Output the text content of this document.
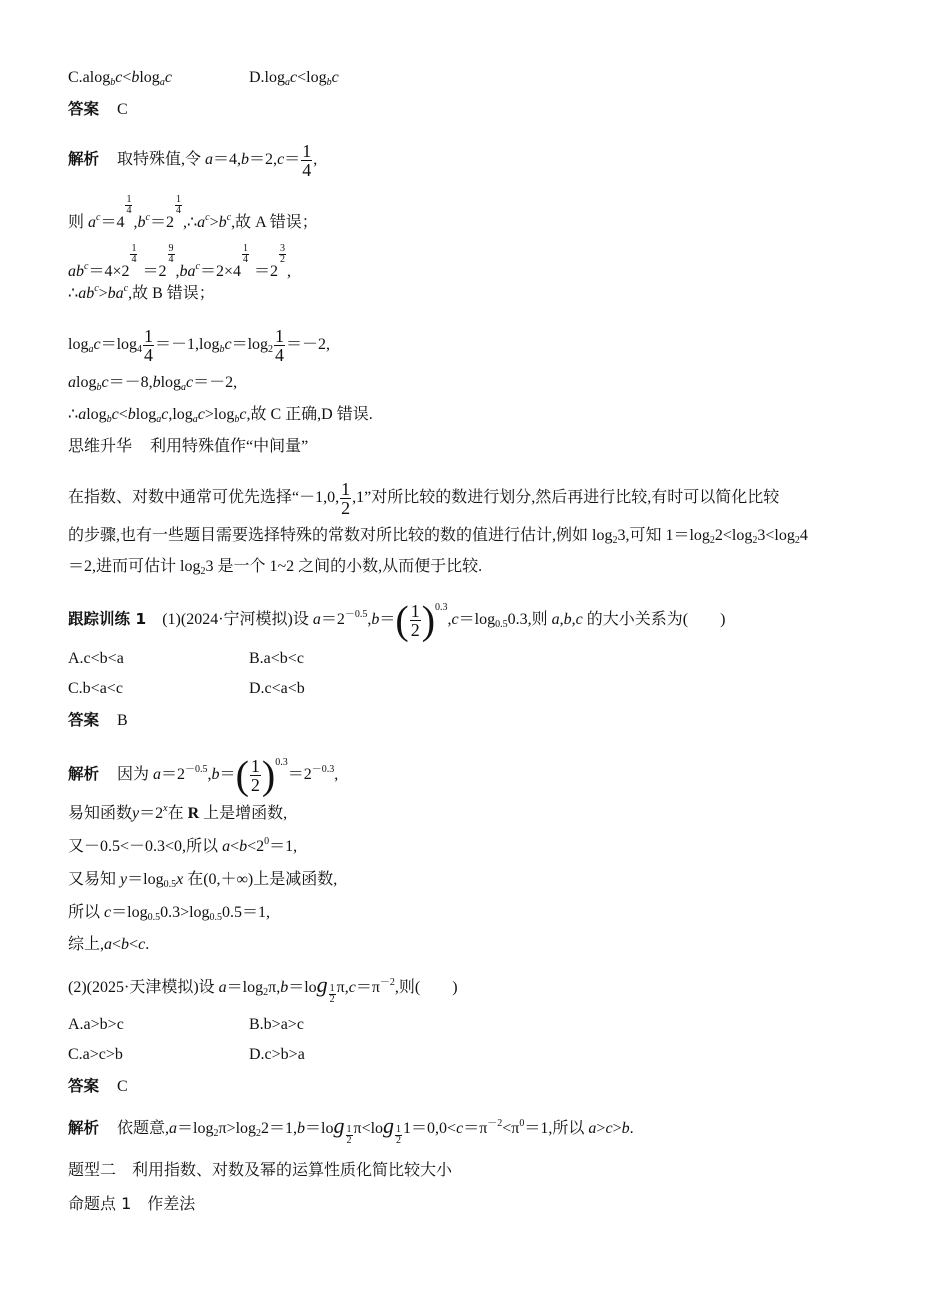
C.alog$_b$c<blog$_a$c	$D.\log_ac<\log_bc$
答案 C
解析 取特殊值,令 $a=4,b=2,c= \frac{1}{4}$ ,
则 $a^c=4$
$\frac{1}{4}$
$,b^c=2$
$\frac{1}{4}$
$,\therefore a^c>b^c$,故 A 错误；
$ab^c=4\times 2$
$\frac{1}{4}$
＝2
$\frac{9}{4}$
$,ba^c=2\times 4$
$\frac{1}{4}$
＝2
$\frac{3}{2}$
,
$\therefore ab^c>ba^c$,故 B 错误；
$\log_ac=\log_4 \frac{1}{4} =-1,\log_bc=\log_2 \frac{1}{4} =-2$,
alog$_b$c＝－8,blog$_a$c＝－2,
$\therefore alog_bc<blog_ac,\log_ac>\log_bc$,故 C 正确,D 错误.
思维升华 利用特殊值作“中间量”
在指数、对数中通常可优先选择“－1,0, $\frac{1}{2} ,1$”对所比较的数进行划分,然后再进行比较,有时可以简化比较
的步骤,也有一些题目需要选择特殊的常数对所比较的数的值进行估计,例如 $\log_23$,可知 $1=\log_22<\log_23<\log_24$
＝2,进而可估计 $\log_23$ 是一个 1~2 之间的小数,从而便于比较.
跟踪训练 1　 (1)(2024·宁河模拟)设 $a=2^{-0.5},b=( \frac{1}{2} )^{0.3},c=\log_{0.5}0.3$,则 a,b,c 的大小关系为(　　)
A.c<b<a	B.a<b<c
C.b<a<c	D.c<a<b
答案 B
解析 因为 $a=2^{-0.5},b=( \frac{1}{2} )^{0.3}=2^{-0.3}$,
易知函数$y=2^x$在 R 上是增函数,
又－0.5<－0.3<0,所以 $a<b<2^0=1$,
又易知 $y=\log_{0.5}x$ 在(0,＋∞)上是减函数,
所以 $c=\log_{0.5}0.3>\log_{0.5}0.5=1$,
综上,a<b<c.
(2)(2025·天津模拟)设 $a=\log_2\pi,b=\log \frac{1}{2} \pi,c=\pi^{-2}$,则(　　)
A.a>b>c	B.b>a>c
C.a>c>b	D.c>b>a
答案 C
解析 依题意$,a=\log_2\pi>\log_22=1,b=\log \frac{1}{2} \pi<\log \frac{1}{2} 1=0,0<c=\pi^{-2}<\pi^0=1$,所以 a>c>b.
题型二　利用指数、对数及幂的运算性质化简比较大小
命题点 1　作差法
